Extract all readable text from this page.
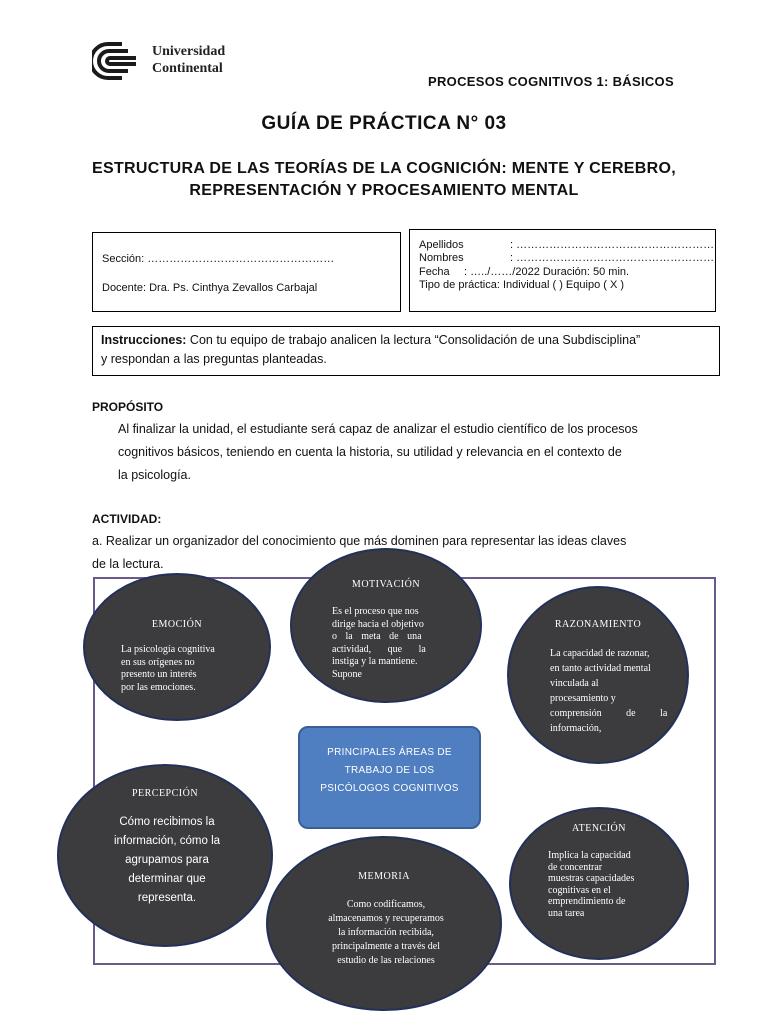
Universidad
Continental
PROCESOS COGNITIVOS 1: BÁSICOS
GUÍA DE PRÁCTICA N° 03
ESTRUCTURA DE LAS TEORÍAS DE LA COGNICIÓN: MENTE Y CEREBRO,
REPRESENTACIÓN Y PROCESAMIENTO MENTAL
Sección: ……………………………………………
Docente: Dra. Ps. Cinthya Zevallos Carbajal
Apellidos	: ………………………………………………
Nombres	: ………………………………………………
Fecha : …../……/2022 Duración: 50 min.
Tipo de práctica: Individual ( ) Equipo ( X )
Instrucciones: Con tu equipo de trabajo analicen la lectura “Consolidación de una Subdisciplina”
y respondan a las preguntas planteadas.
PROPÓSITO
Al finalizar la unidad, el estudiante será capaz de analizar el estudio científico de los procesos
cognitivos básicos, teniendo en cuenta la historia, su utilidad y relevancia en el contexto de
la psicología.
ACTIVIDAD:
a. Realizar un organizador del conocimiento que más dominen para representar las ideas claves
de la lectura.
PRINCIPALES ÁREAS DE
TRABAJO DE LOS
PSICÓLOGOS COGNITIVOS
EMOCIÓN
La psicología cognitiva
en sus orígenes no
presento un interés
por las emociones.
MOTIVACIÓN
Es el proceso que nos
dirige hacia el objetivo
o la meta de una
actividad, que la
instiga y la mantiene.
Supone
RAZONAMIENTO
La capacidad de razonar,
en tanto actividad mental
vinculada al
procesamiento y
comprensión de la
información,
PERCEPCIÓN
Cómo recibimos la
información, cómo la
agrupamos para
determinar que
representa.
MEMORIA
Como codificamos,
almacenamos y recuperamos
la información recibida,
principalmente a través del
estudio de las relaciones
ATENCIÓN
Implica la capacidad
de concentrar
muestras capacidades
cognitivas en el
emprendimiento de
una tarea
